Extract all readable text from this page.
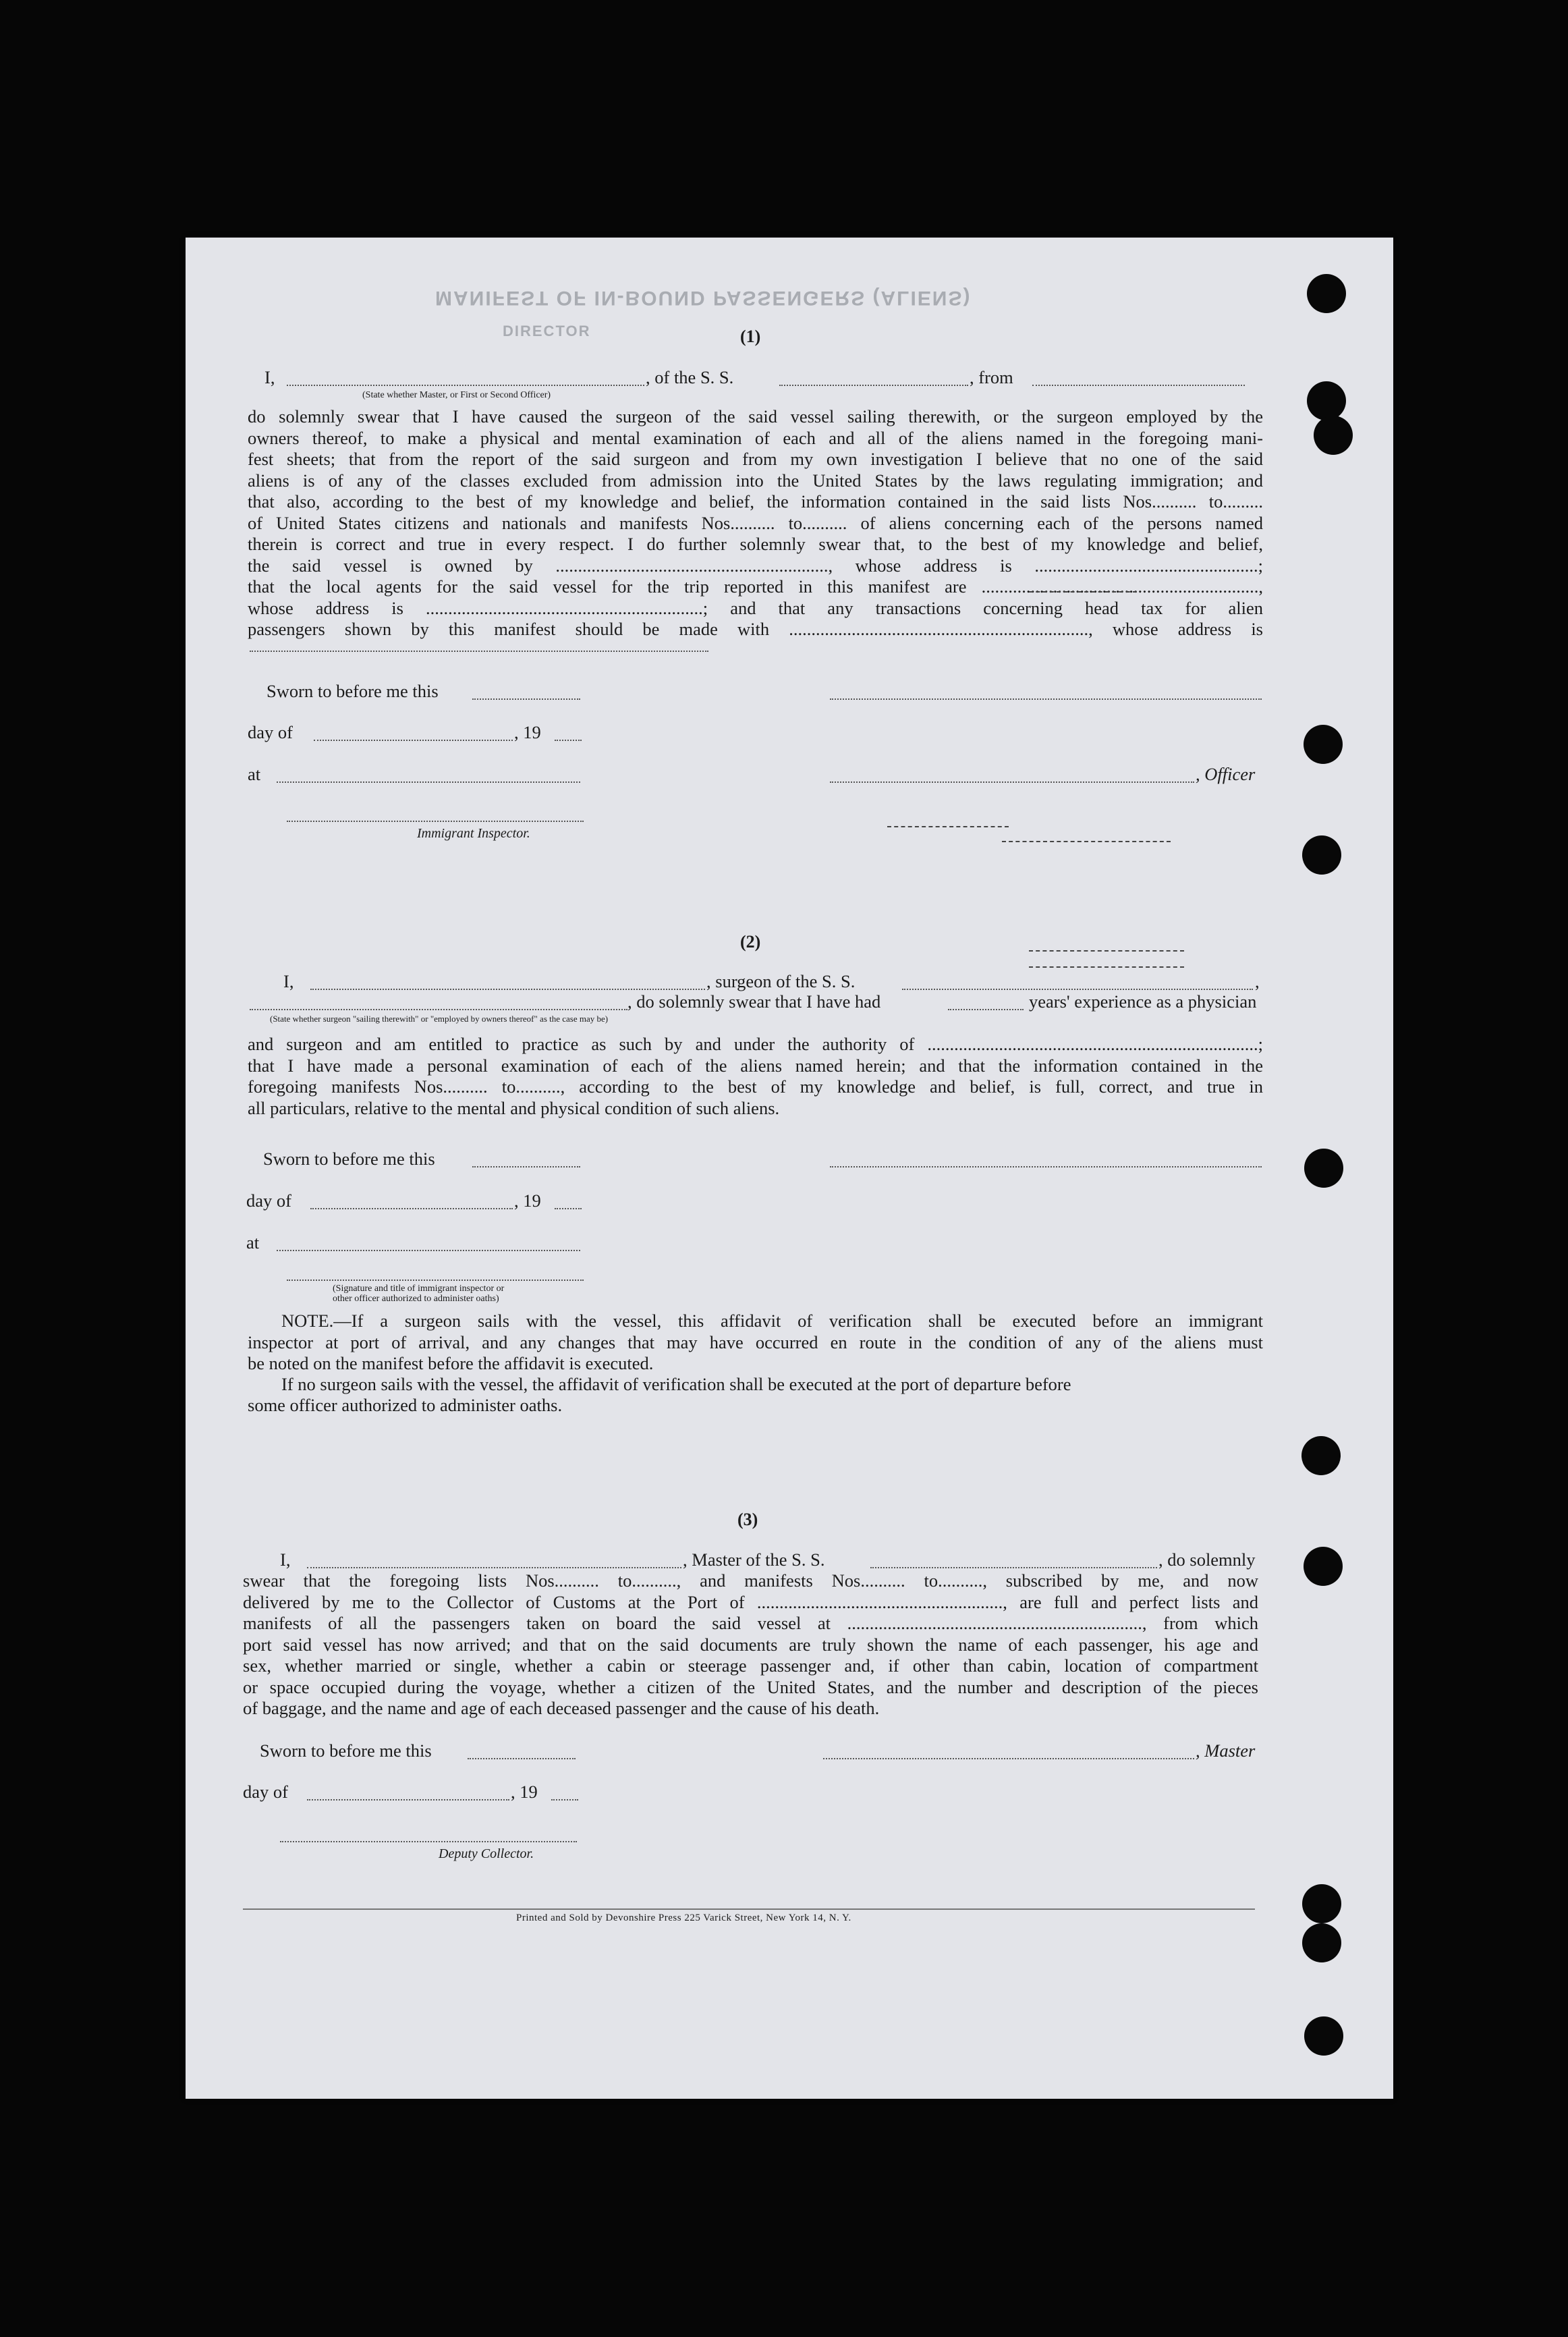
MANIFEST OF IN-BOUND PASSENGERS (ALIENS)
DIRECTOR	(1)
I,	, of the S. S.	, from
(State whether Master, or First or Second Officer)
do solemnly swear that I have caused the surgeon of the said vessel sailing therewith, or the surgeon employed by the
owners thereof, to make a physical and mental examination of each and all of the aliens named in the foregoing mani-
fest sheets; that from the report of the said surgeon and from my own investigation I believe that no one of the said
aliens is of any of the classes excluded from admission into the United States by the laws regulating immigration; and
that also, according to the best of my knowledge and belief, the information contained in the said lists Nos.......... to.........
of United States citizens and nationals and manifests Nos.......... to.......... of aliens concerning each of the persons named
therein is correct and true in every respect. I do further solemnly swear that, to the best of my knowledge and belief,
the said vessel is owned by ............................................................., whose address is ..................................................;
that the local agents for the said vessel for the trip reported in this manifest are ..............................................................,
whose address is ..............................................................; and that any transactions concerning head tax for alien
passengers shown by this manifest should be made with ..................................................................., whose address is
Sworn to before me this
day of	, 19
at	, Officer
Immigrant Inspector.
(2)
I,	, surgeon of the S. S.	,
, do solemnly swear that I have had	years' experience as a physician
(State whether surgeon "sailing therewith" or "employed by owners thereof" as the case may be)
and surgeon and am entitled to practice as such by and under the authority of ..........................................................................;
that I have made a personal examination of each of the aliens named herein; and that the information contained in the
foregoing manifests Nos.......... to.........., according to the best of my knowledge and belief, is full, correct, and true in
all particulars, relative to the mental and physical condition of such aliens.
Sworn to before me this
day of	, 19
at
(Signature and title of immigrant inspector or
other officer authorized to administer oaths)
NOTE.—If a surgeon sails with the vessel, this affidavit of verification shall be executed before an immigrant
inspector at port of arrival, and any changes that may have occurred en route in the condition of any of the aliens must
be noted on the manifest before the affidavit is executed.
If no surgeon sails with the vessel, the affidavit of verification shall be executed at the port of departure before
some officer authorized to administer oaths.
(3)
I,	, Master of the S. S.	, do solemnly
swear that the foregoing lists Nos.......... to.........., and manifests Nos.......... to.........., subscribed by me, and now
delivered by me to the Collector of Customs at the Port of ......................................................., are full and perfect lists and
manifests of all the passengers taken on board the said vessel at .................................................................., from which
port said vessel has now arrived; and that on the said documents are truly shown the name of each passenger, his age and
sex, whether married or single, whether a cabin or steerage passenger and, if other than cabin, location of compartment
or space occupied during the voyage, whether a citizen of the United States, and the number and description of the pieces
of baggage, and the name and age of each deceased passenger and the cause of his death.
Sworn to before me this	, Master
day of	, 19
Deputy Collector.
Printed and Sold by Devonshire Press 225 Varick Street, New York 14, N. Y.
